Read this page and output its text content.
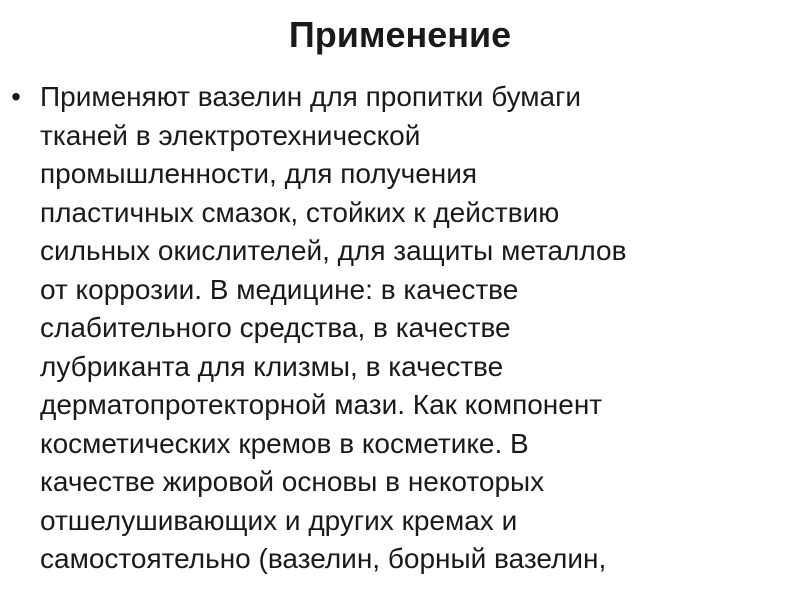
Применение
• Применяют вазелин для пропитки бумаги
тканей в электротехнической
промышленности, для получения
пластичных смазок, стойких к действию
сильных окислителей, для защиты металлов
от коррозии. В медицине: в качестве
слабительного средства, в качестве
лубриканта для клизмы, в качестве
дерматопротекторной мази. Как компонент
косметических кремов в косметике. В
качестве жировой основы в некоторых
отшелушивающих и других кремах и
самостоятельно (вазелин, борный вазелин,
